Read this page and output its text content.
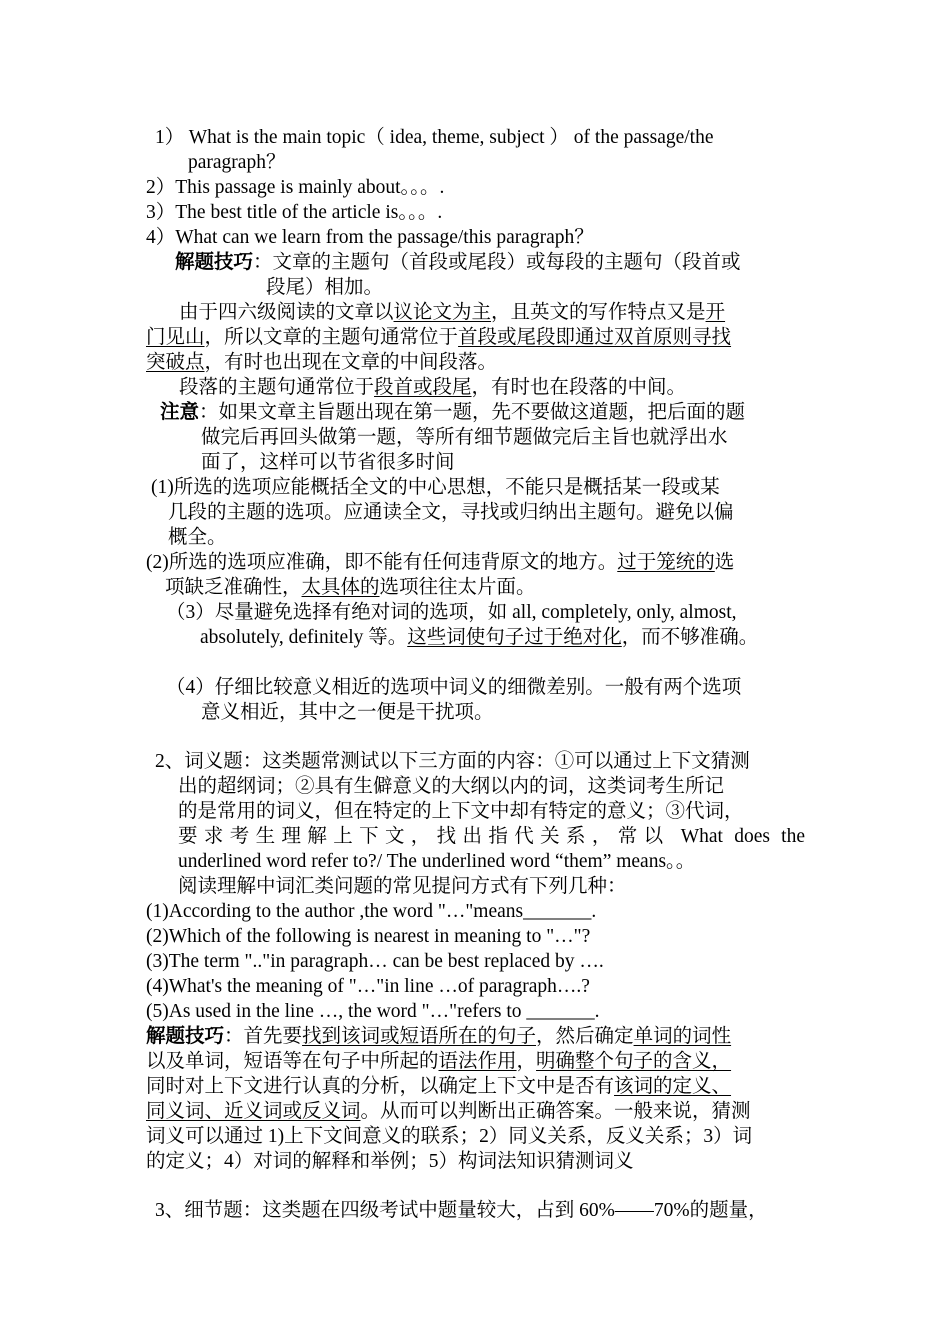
1） What is the main topic（ idea, theme, subject ） of the passage/the
paragraph？
2）This passage is mainly about。。。.
3）The best title of the article is。。。.
4）What can we learn from the passage/this paragraph？
解题技巧：文章的主题句（首段或尾段）或每段的主题句（段首或
段尾）相加。
由于四六级阅读的文章以议论文为主，且英文的写作特点又是开
门见山，所以文章的主题句通常位于首段或尾段即通过双首原则寻找
突破点，有时也出现在文章的中间段落。
段落的主题句通常位于段首或段尾，有时也在段落的中间。
注意：如果文章主旨题出现在第一题，先不要做这道题，把后面的题
做完后再回头做第一题，等所有细节题做完后主旨也就浮出水
面了，这样可以节省很多时间
(1)所选的选项应能概括全文的中心思想，不能只是概括某一段或某
几段的主题的选项。应通读全文，寻找或归纳出主题句。避免以偏
概全。
(2)所选的选项应准确，即不能有任何违背原文的地方。过于笼统的选
项缺乏准确性，太具体的选项往往太片面。
（3）尽量避免选择有绝对词的选项，如 all, completely, only, almost,
absolutely, definitely 等。这些词使句子过于绝对化，而不够准确。
（4）仔细比较意义相近的选项中词义的细微差别。一般有两个选项
意义相近，其中之一便是干扰项。
2、词义题：这类题常测试以下三方面的内容：①可以通过上下文猜测
出的超纲词；②具有生僻意义的大纲以内的词，这类词考生所记
的是常用的词义，但在特定的上下文中却有特定的意义；③代词，
要求考生理解上下文，找出指代关系，常以 What does the
underlined word refer to?/ The underlined word “them” means。。
阅读理解中词汇类问题的常见提问方式有下列几种：
(1)According to the author ,the word "…"means_______.
(2)Which of the following is nearest in meaning to "…"?
(3)The term ".."in paragraph… can be best replaced by ….
(4)What's the meaning of "…"in line …of paragraph….?
(5)As used in the line …, the word "…"refers to _______.
解题技巧：首先要找到该词或短语所在的句子，然后确定单词的词性
以及单词，短语等在句子中所起的语法作用，明确整个句子的含义，
同时对上下文进行认真的分析，以确定上下文中是否有该词的定义、
同义词、近义词或反义词。从而可以判断出正确答案。一般来说，猜测
词义可以通过 1)上下文间意义的联系；2）同义关系，反义关系；3）词
的定义；4）对词的解释和举例；5）构词法知识猜测词义
3、细节题：这类题在四级考试中题量较大，占到 60%——70%的题量，
